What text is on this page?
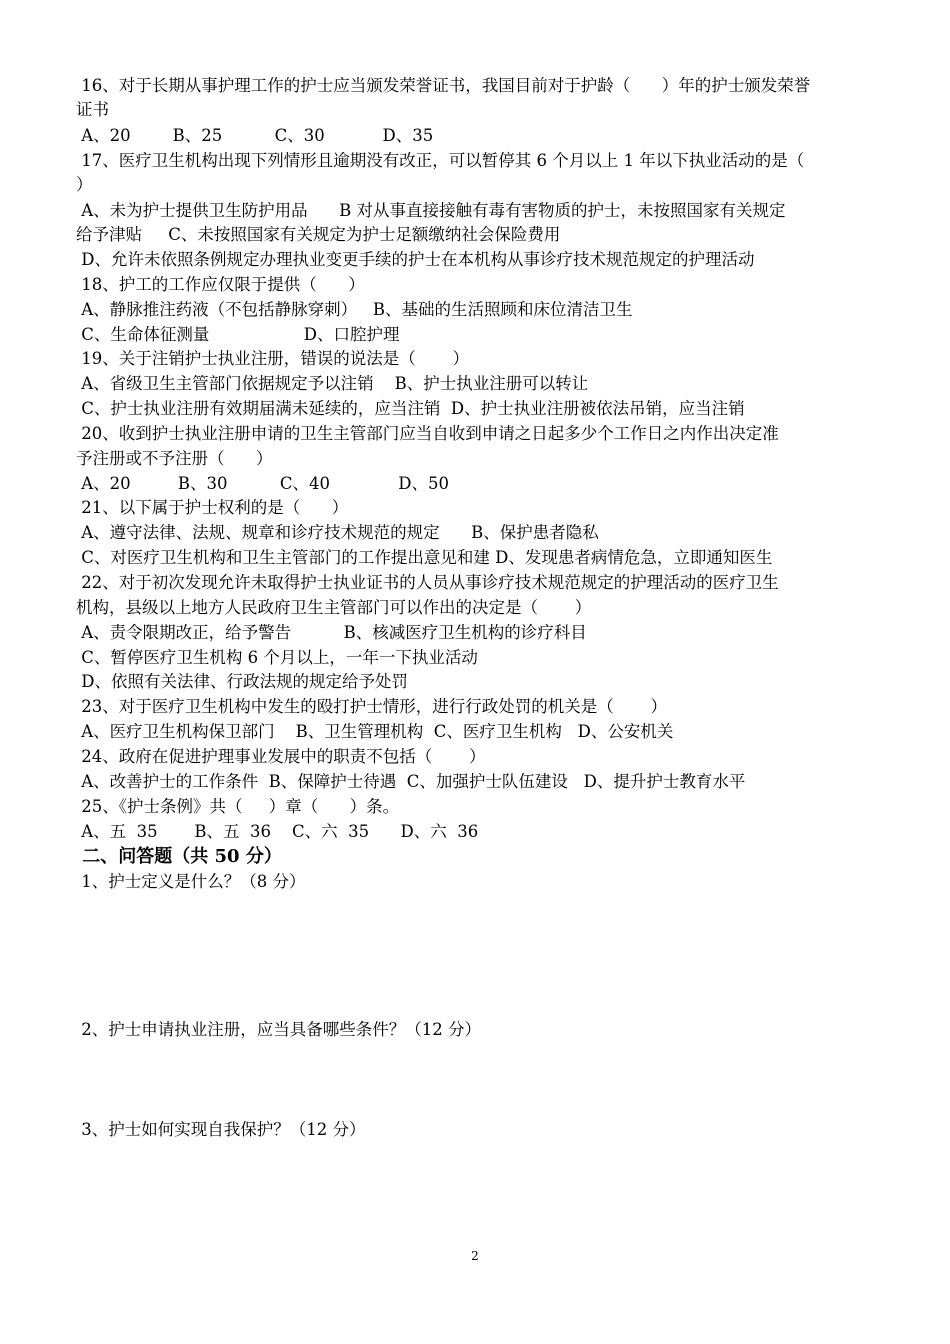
16、对于长期从事护理工作的护士应当颁发荣誉证书，我国目前对于护龄（      ）年的护士颁发荣誉
证书
A、20        B、25          C、30           D、35
17、医疗卫生机构出现下列情形且逾期没有改正，可以暂停其 6 个月以上 1 年以下执业活动的是（
）
A、未为护士提供卫生防护用品      B 对从事直接接触有毒有害物质的护士，未按照国家有关规定
给予津贴     C、未按照国家有关规定为护士足额缴纳社会保险费用
D、允许未依照条例规定办理执业变更手续的护士在本机构从事诊疗技术规范规定的护理活动
18、护工的工作应仅限于提供（      ）
A、静脉推注药液（不包括静脉穿刺）   B、基础的生活照顾和床位清洁卫生
C、生命体征测量                  D、口腔护理
19、关于注销护士执业注册，错误的说法是（       ）
A、省级卫生主管部门依据规定予以注销    B、护士执业注册可以转让
C、护士执业注册有效期届满未延续的，应当注销  D、护士执业注册被依法吊销，应当注销
20、收到护士执业注册申请的卫生主管部门应当自收到申请之日起多少个工作日之内作出决定准
予注册或不予注册（      ）
A、20         B、30          C、40             D、50
21、以下属于护士权利的是（      ）
A、遵守法律、法规、规章和诊疗技术规范的规定      B、保护患者隐私
C、对医疗卫生机构和卫生主管部门的工作提出意见和建 D、发现患者病情危急，立即通知医生
22、对于初次发现允许未取得护士执业证书的人员从事诊疗技术规范规定的护理活动的医疗卫生
机构，县级以上地方人民政府卫生主管部门可以作出的决定是（       ）
A、责令限期改正，给予警告          B、核减医疗卫生机构的诊疗科目
C、暂停医疗卫生机构 6 个月以上，一年一下执业活动
D、依照有关法律、行政法规的规定给予处罚
23、对于医疗卫生机构中发生的殴打护士情形，进行行政处罚的机关是（       ）
A、医疗卫生机构保卫部门    B、卫生管理机构  C、医疗卫生机构   D、公安机关
24、政府在促进护理事业发展中的职责不包括（       ）
A、改善护士的工作条件  B、保障护士待遇  C、加强护士队伍建设   D、提升护士教育水平
25、《护士条例》共（     ）章（      ）条。
A、五  35       B、五  36    C、六  35      D、六  36
二、问答题（共 50 分）
1、护士定义是什么？（8 分）
2、护士申请执业注册，应当具备哪些条件？（12 分）
3、护士如何实现自我保护？（12 分）
2
